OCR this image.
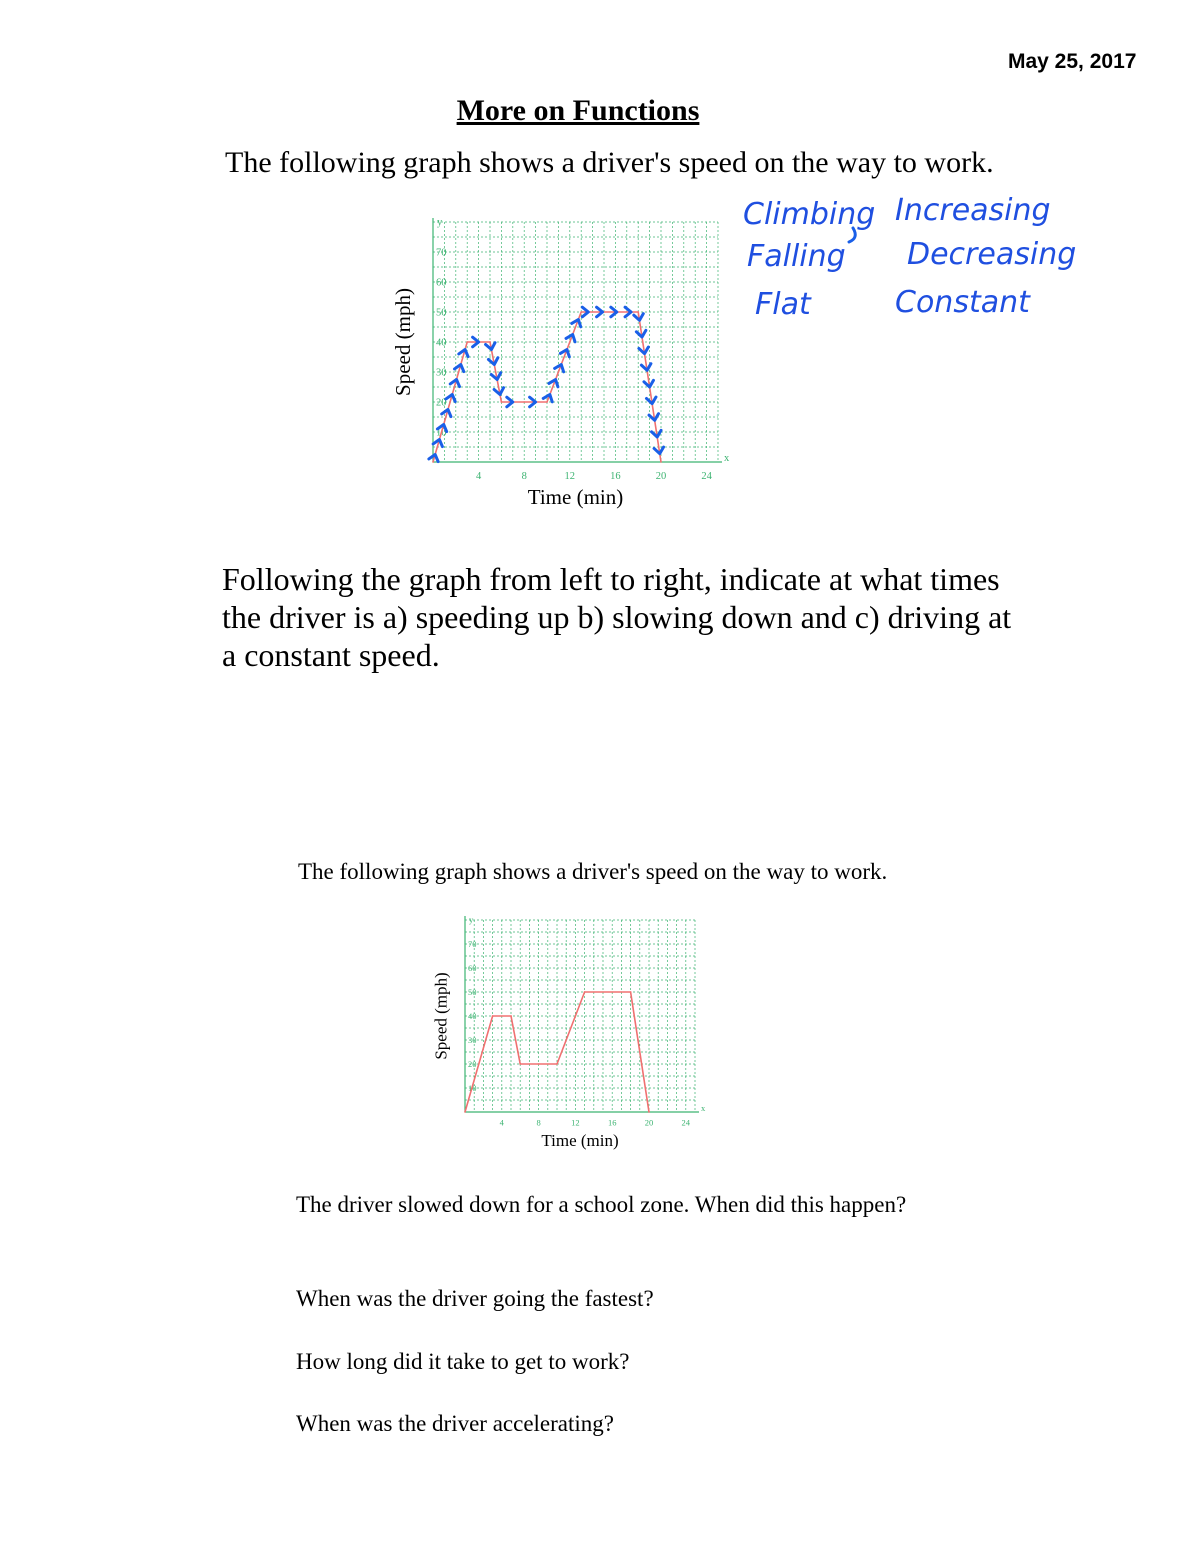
May 25, 2017
More on Functions
The following graph shows a driver's speed on the way to work.
x
y
4	8	12	16	20	24
10
20
30
40
50
60
70
Time (min)
Speed (mph)
Climbing Increasing
Falling Decreasing
Flat	Constant
Following the graph from left to right, indicate at what times the driver is a) speeding up b) slowing down and c) driving at a constant speed.
The following graph shows a driver's speed on the way to work.
x
y
4	8	12	16	20	24
10
20
30
40
50
60
70
Time (min)
Speed (mph)
The driver slowed down for a school zone. When did this happen?
When was the driver going the fastest?
How long did it take to get to work?
When was the driver accelerating?
